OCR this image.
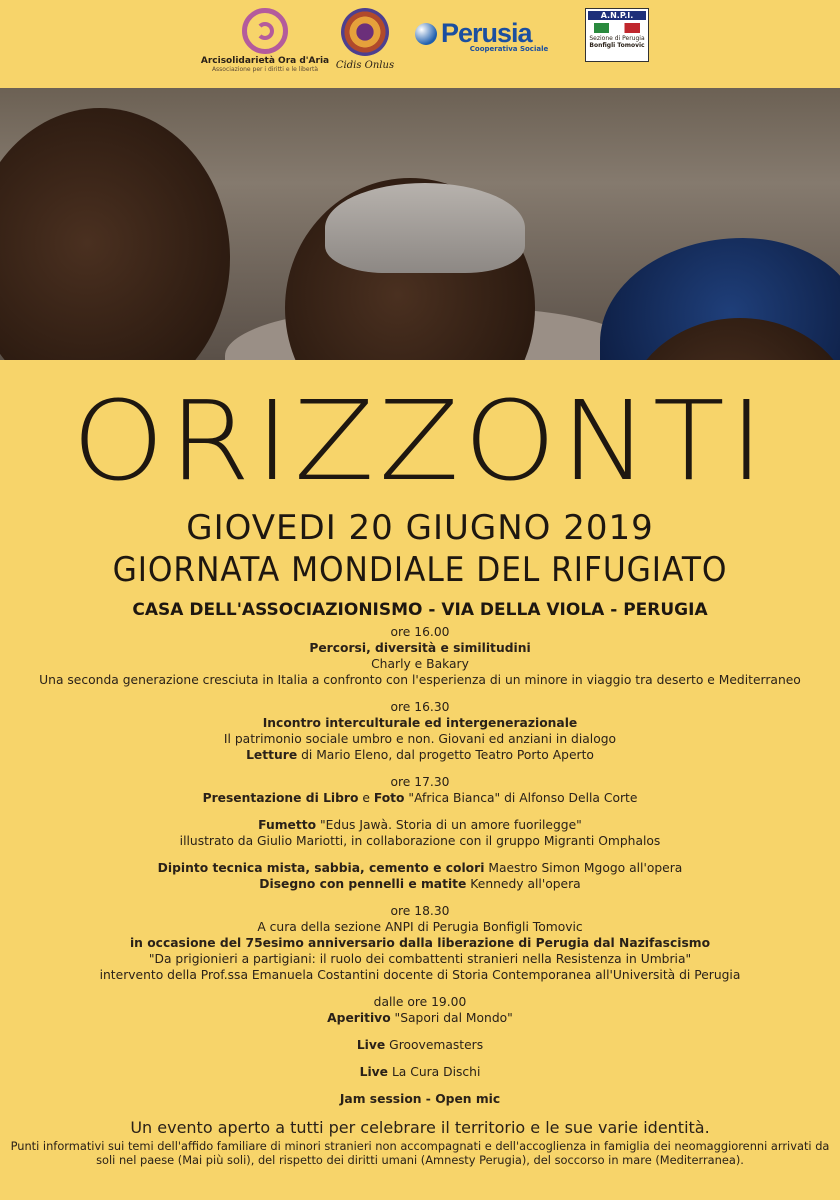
Arcisolidarietà Ora d'Aria
Associazione per i diritti e le libertà	Cidis Onlus
Perusia
Cooperativa Sociale
A.N.P.I.
Sezione di Perugia
Bonfigli Tomovic
ORIZZONTI
GIOVEDI 20 GIUGNO 2019
GIORNATA MONDIALE DEL RIFUGIATO
CASA DELL'ASSOCIAZIONISMO - VIA DELLA VIOLA - PERUGIA
ore 16.00
Percorsi, diversità e similitudini
Charly e Bakary
Una seconda generazione cresciuta in Italia a confronto con l'esperienza di un minore in viaggio tra deserto e Mediterraneo
ore 16.30
Incontro interculturale ed intergenerazionale
Il patrimonio sociale umbro e non. Giovani ed anziani in dialogo
Letture di Mario Eleno, dal progetto Teatro Porto Aperto
ore 17.30
Presentazione di Libro e Foto "Africa Bianca" di Alfonso Della Corte
Fumetto "Edus Jawà. Storia di un amore fuorilegge"
illustrato da Giulio Mariotti, in collaborazione con il gruppo Migranti Omphalos
Dipinto tecnica mista, sabbia, cemento e colori Maestro Simon Mgogo all'opera
Disegno con pennelli e matite Kennedy all'opera
ore 18.30
A cura della sezione ANPI di Perugia Bonfigli Tomovic
in occasione del 75esimo anniversario dalla liberazione di Perugia dal Nazifascismo
"Da prigionieri a partigiani: il ruolo dei combattenti stranieri nella Resistenza in Umbria"
intervento della Prof.ssa Emanuela Costantini docente di Storia Contemporanea all'Università di Perugia
dalle ore 19.00
Aperitivo "Sapori dal Mondo"
Live Groovemasters
Live La Cura Dischi
Jam session - Open mic
Un evento aperto a tutti per celebrare il territorio e le sue varie identità.
Punti informativi sui temi dell'affido familiare di minori stranieri non accompagnati e dell'accoglienza in famiglia dei neomaggiorenni arrivati da soli nel paese (Mai più soli), del rispetto dei diritti umani (Amnesty Perugia), del soccorso in mare (Mediterranea).
